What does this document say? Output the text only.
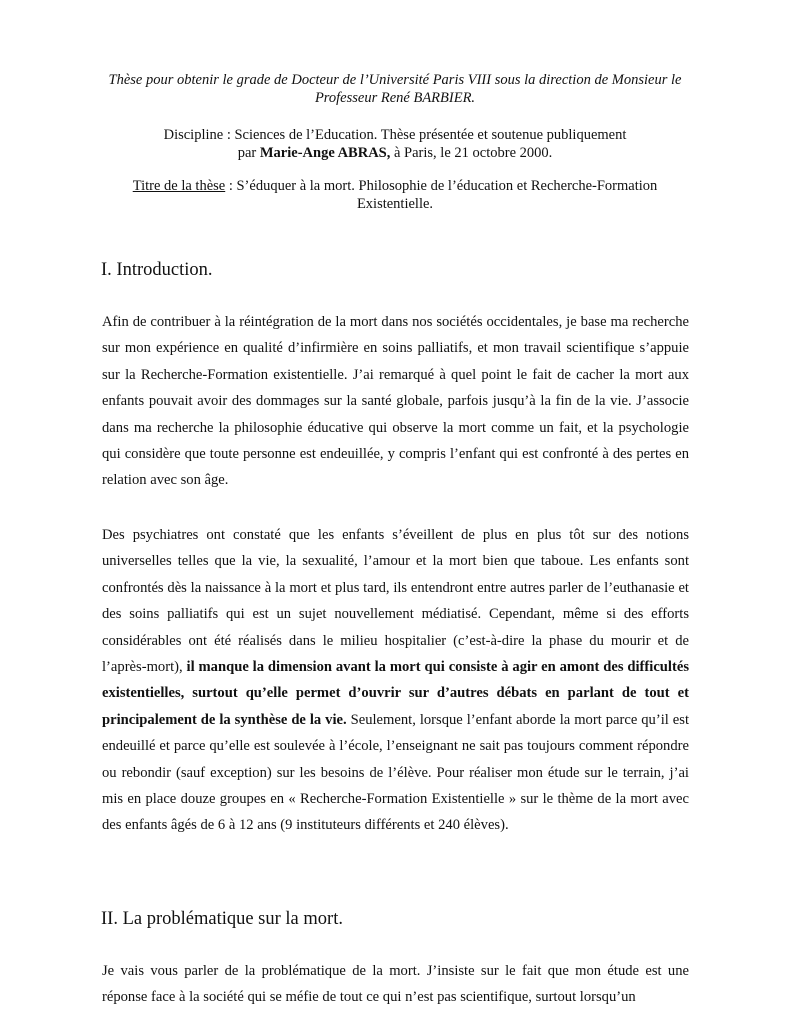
Thèse pour obtenir le grade de Docteur de l’Université Paris VIII sous la direction de Monsieur le Professeur René BARBIER.
Discipline : Sciences de l’Education. Thèse présentée et soutenue publiquement
par Marie-Ange ABRAS, à Paris, le 21 octobre 2000.
Titre de la thèse : S’éduquer à la mort. Philosophie de l’éducation et Recherche-Formation Existentielle.
I. Introduction.

Afin de contribuer à la réintégration de la mort dans nos sociétés occidentales, je base ma recherche sur mon expérience en qualité d’infirmière en soins palliatifs, et mon travail scientifique s’appuie sur la Recherche-Formation existentielle. J’ai remarqué à quel point le fait de cacher la mort aux enfants pouvait avoir des dommages sur la santé globale, parfois jusqu’à la fin de la vie. J’associe dans ma recherche la philosophie éducative qui observe la mort comme un fait, et la psychologie qui considère que toute personne est endeuillée, y compris l’enfant qui est confronté à des pertes en relation avec son âge.

Des psychiatres ont constaté que les enfants s’éveillent de plus en plus tôt sur des notions universelles telles que la vie, la sexualité, l’amour et la mort bien que taboue. Les enfants sont confrontés dès la naissance à la mort et plus tard, ils entendront entre autres parler de l’euthanasie et des soins palliatifs qui est un sujet nouvellement médiatisé. Cependant, même si des efforts considérables ont été réalisés dans le milieu hospitalier (c’est-à-dire la phase du mourir et de l’après-mort), il manque la dimension avant la mort qui consiste à agir en amont des difficultés existentielles, surtout qu’elle permet d’ouvrir sur d’autres débats en parlant de tout et principalement de la synthèse de la vie. Seulement, lorsque l’enfant aborde la mort parce qu’il est endeuillé et parce qu’elle est soulevée à l’école, l’enseignant ne sait pas toujours comment répondre ou rebondir (sauf exception) sur les besoins de l’élève. Pour réaliser mon étude sur le terrain, j’ai mis en place douze groupes en « Recherche-Formation Existentielle » sur le thème de la mort avec des enfants âgés de 6 à 12 ans (9 instituteurs différents et 240 élèves).

II. La problématique sur la mort.

Je vais vous parler de la problématique de la mort. J’insiste sur le fait que mon étude est une réponse face à la société qui se méfie de tout ce qui n’est pas scientifique, surtout lorsqu’un
